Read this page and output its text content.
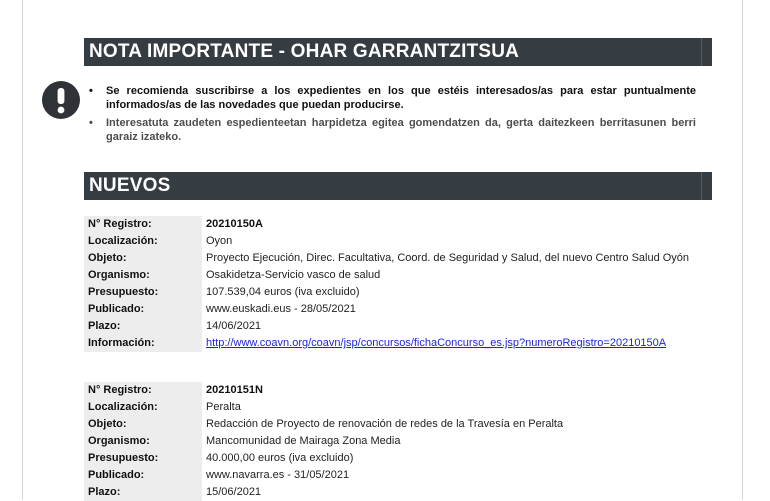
NOTA IMPORTANTE - OHAR GARRANTZITSUA
• Se recomienda suscribirse a los expedientes en los que estéis interesados/as para estar puntualmente informados/as de las novedades que puedan producirse.
• Interesatuta zaudeten espedienteetan harpidetza egitea gomendatzen da, gerta daitezkeen berritasunen berri garaiz izateko.
NUEVOS
N° Registro:	20210150A
Localización:	Oyon
Objeto:	Proyecto Ejecución, Direc. Facultativa, Coord. de Seguridad y Salud, del nuevo Centro Salud Oyón
Organismo:	Osakidetza-Servicio vasco de salud
Presupuesto:	107.539,04 euros (iva excluido)
Publicado:	www.euskadi.eus - 28/05/2021
Plazo:	14/06/2021
Información:	http://www.coavn.org/coavn/jsp/concursos/fichaConcurso_es.jsp?numeroRegistro=20210150A
N° Registro:	20210151N
Localización:	Peralta
Objeto:	Redacción de Proyecto de renovación de redes de la Travesía en Peralta
Organismo:	Mancomunidad de Mairaga Zona Media
Presupuesto:	40.000,00 euros (iva excluido)
Publicado:	www.navarra.es - 31/05/2021
Plazo:	15/06/2021
